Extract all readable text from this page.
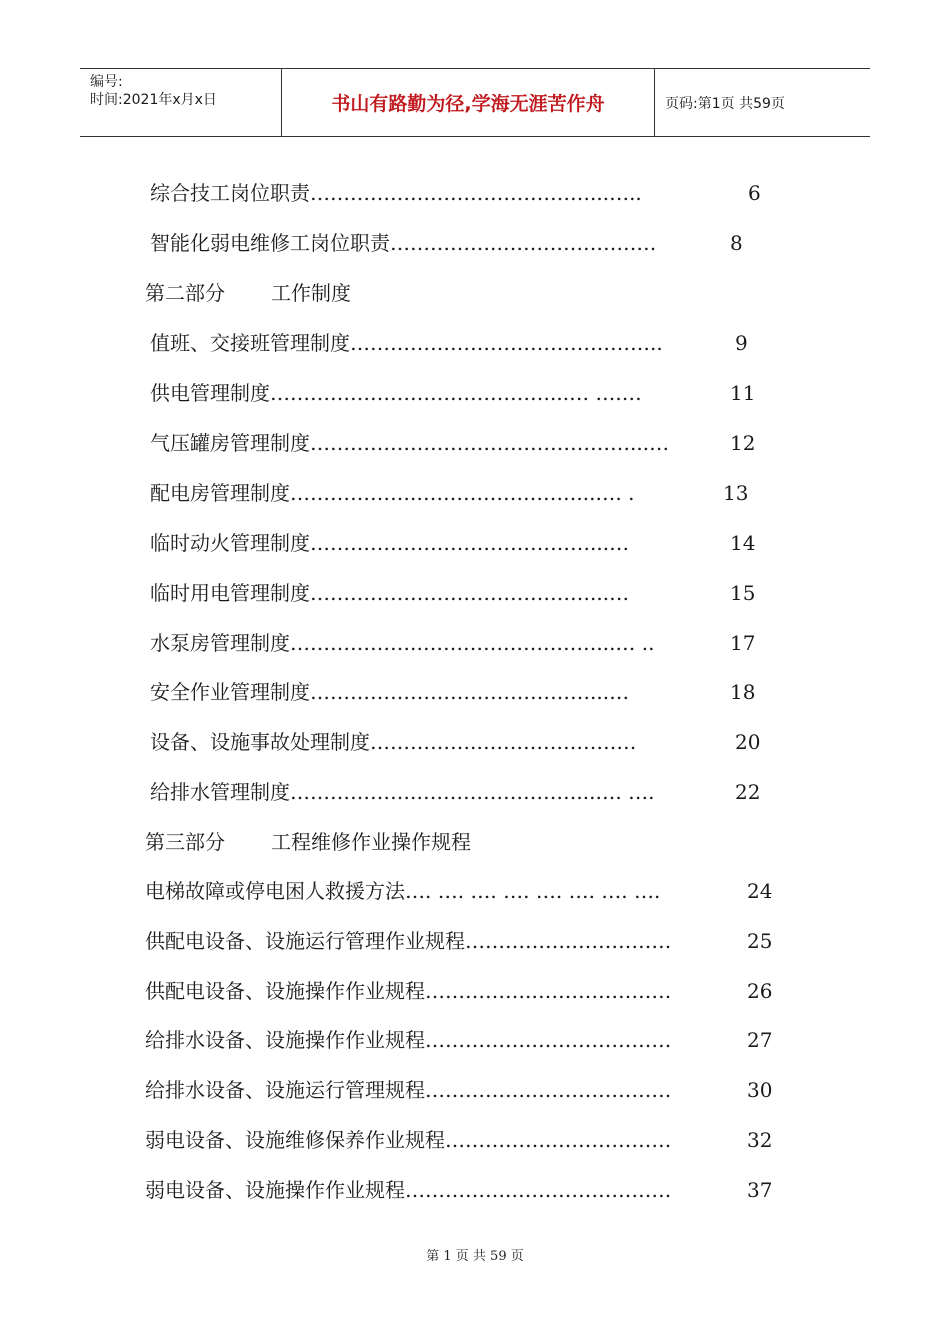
编号:
时间:2021年x月x日	书山有路勤为径,学海无涯苦作舟	页码:第1页 共59页
综合技工岗位职责……………………………………...…..	6
智能化弱电维修工岗位职责…………….……………………	8
第二部分 工作制度
值班、交接班管理制度………………………………………..	9
供电管理制度……………………………………...… ….…	11
气压罐房管理制度…………………………………………...…	12
配电房管理制度……………….……………………...…. .	13
临时动火管理制度……………………………………...…	14
临时用电管理制度……………………………………...…	15
水泵房管理制度……………….………………………...… ..	17
安全作业管理制度……………………………………...…	18
设备、设施事故处理制度…………….……………………	20
给排水管理制度……………….……………………...…. ….	22
第三部分 工程维修作业操作规程
电梯故障或停电困人救援方法…. …. …. …. …. …. …. ….	24
供配电设备、设施运行管理作业规程…………….……………	25
供配电设备、设施操作作业规程…………….…………………	26
给排水设备、设施操作作业规程…………….…………………	27
给排水设备、设施运行管理规程…………….…………………	30
弱电设备、设施维修保养作业规程…………….………………	32
弱电设备、设施操作作业规程…………….……………………	37
第 1 页 共 59 页
